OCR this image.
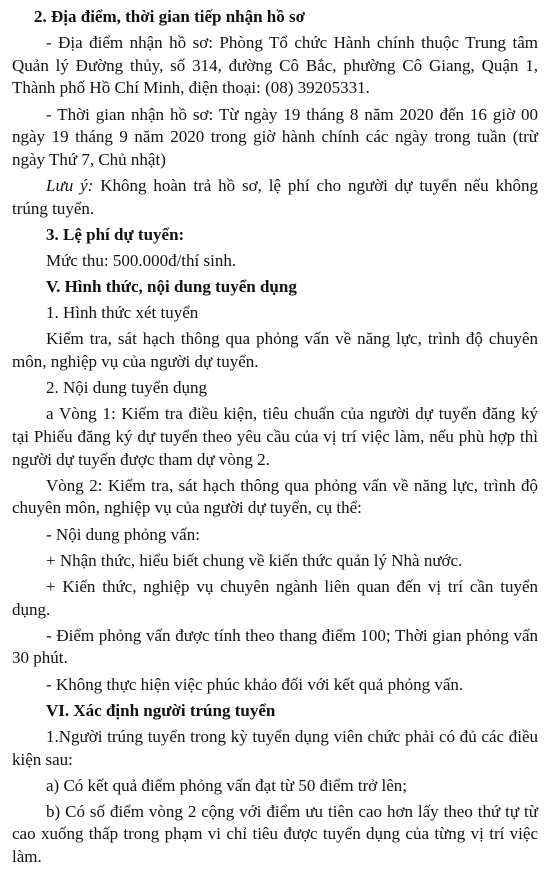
2. Địa điểm, thời gian tiếp nhận hồ sơ

- Địa điểm nhận hồ sơ: Phòng Tổ chức Hành chính thuộc Trung tâm Quản lý Đường thủy, số 314, đường Cô Bắc, phường Cô Giang, Quận 1, Thành phố Hồ Chí Minh, điện thoại: (08) 39205331.

- Thời gian nhận hồ sơ: Từ ngày 19 tháng 8 năm 2020 đến 16 giờ 00 ngày 19 tháng 9 năm 2020 trong giờ hành chính các ngày trong tuần (trừ ngày Thứ 7, Chủ nhật)

Lưu ý: Không hoàn trả hồ sơ, lệ phí cho người dự tuyển nếu không trúng tuyển.

3. Lệ phí dự tuyển:

Mức thu: 500.000đ/thí sinh.

V. Hình thức, nội dung tuyển dụng

1. Hình thức xét tuyển

Kiểm tra, sát hạch thông qua phỏng vấn về năng lực, trình độ chuyên môn, nghiệp vụ của người dự tuyển.

2. Nội dung tuyển dụng

a Vòng 1: Kiểm tra điều kiện, tiêu chuẩn của người dự tuyển đăng ký tại Phiếu đăng ký dự tuyển theo yêu cầu của vị trí việc làm, nếu phù hợp thì người dự tuyển được tham dự vòng 2.

Vòng 2: Kiểm tra, sát hạch thông qua phỏng vấn về năng lực, trình độ chuyên môn, nghiệp vụ của người dự tuyển, cụ thể:

- Nội dung phỏng vấn:

+ Nhận thức, hiểu biết chung về kiến thức quản lý Nhà nước.

+ Kiến thức, nghiệp vụ chuyên ngành liên quan đến vị trí cần tuyển dụng.

- Điểm phỏng vấn được tính theo thang điểm 100; Thời gian phỏng vấn 30 phút.

- Không thực hiện việc phúc khảo đối với kết quả phỏng vấn.

VI. Xác định người trúng tuyển

1.Người trúng tuyển trong kỳ tuyển dụng viên chức phải có đủ các điều kiện sau:

a) Có kết quả điểm phỏng vấn đạt từ 50 điểm trở lên;

b) Có số điểm vòng 2 cộng với điểm ưu tiên cao hơn lấy theo thứ tự từ cao xuống thấp trong phạm vi chỉ tiêu được tuyển dụng của từng vị trí việc làm.
